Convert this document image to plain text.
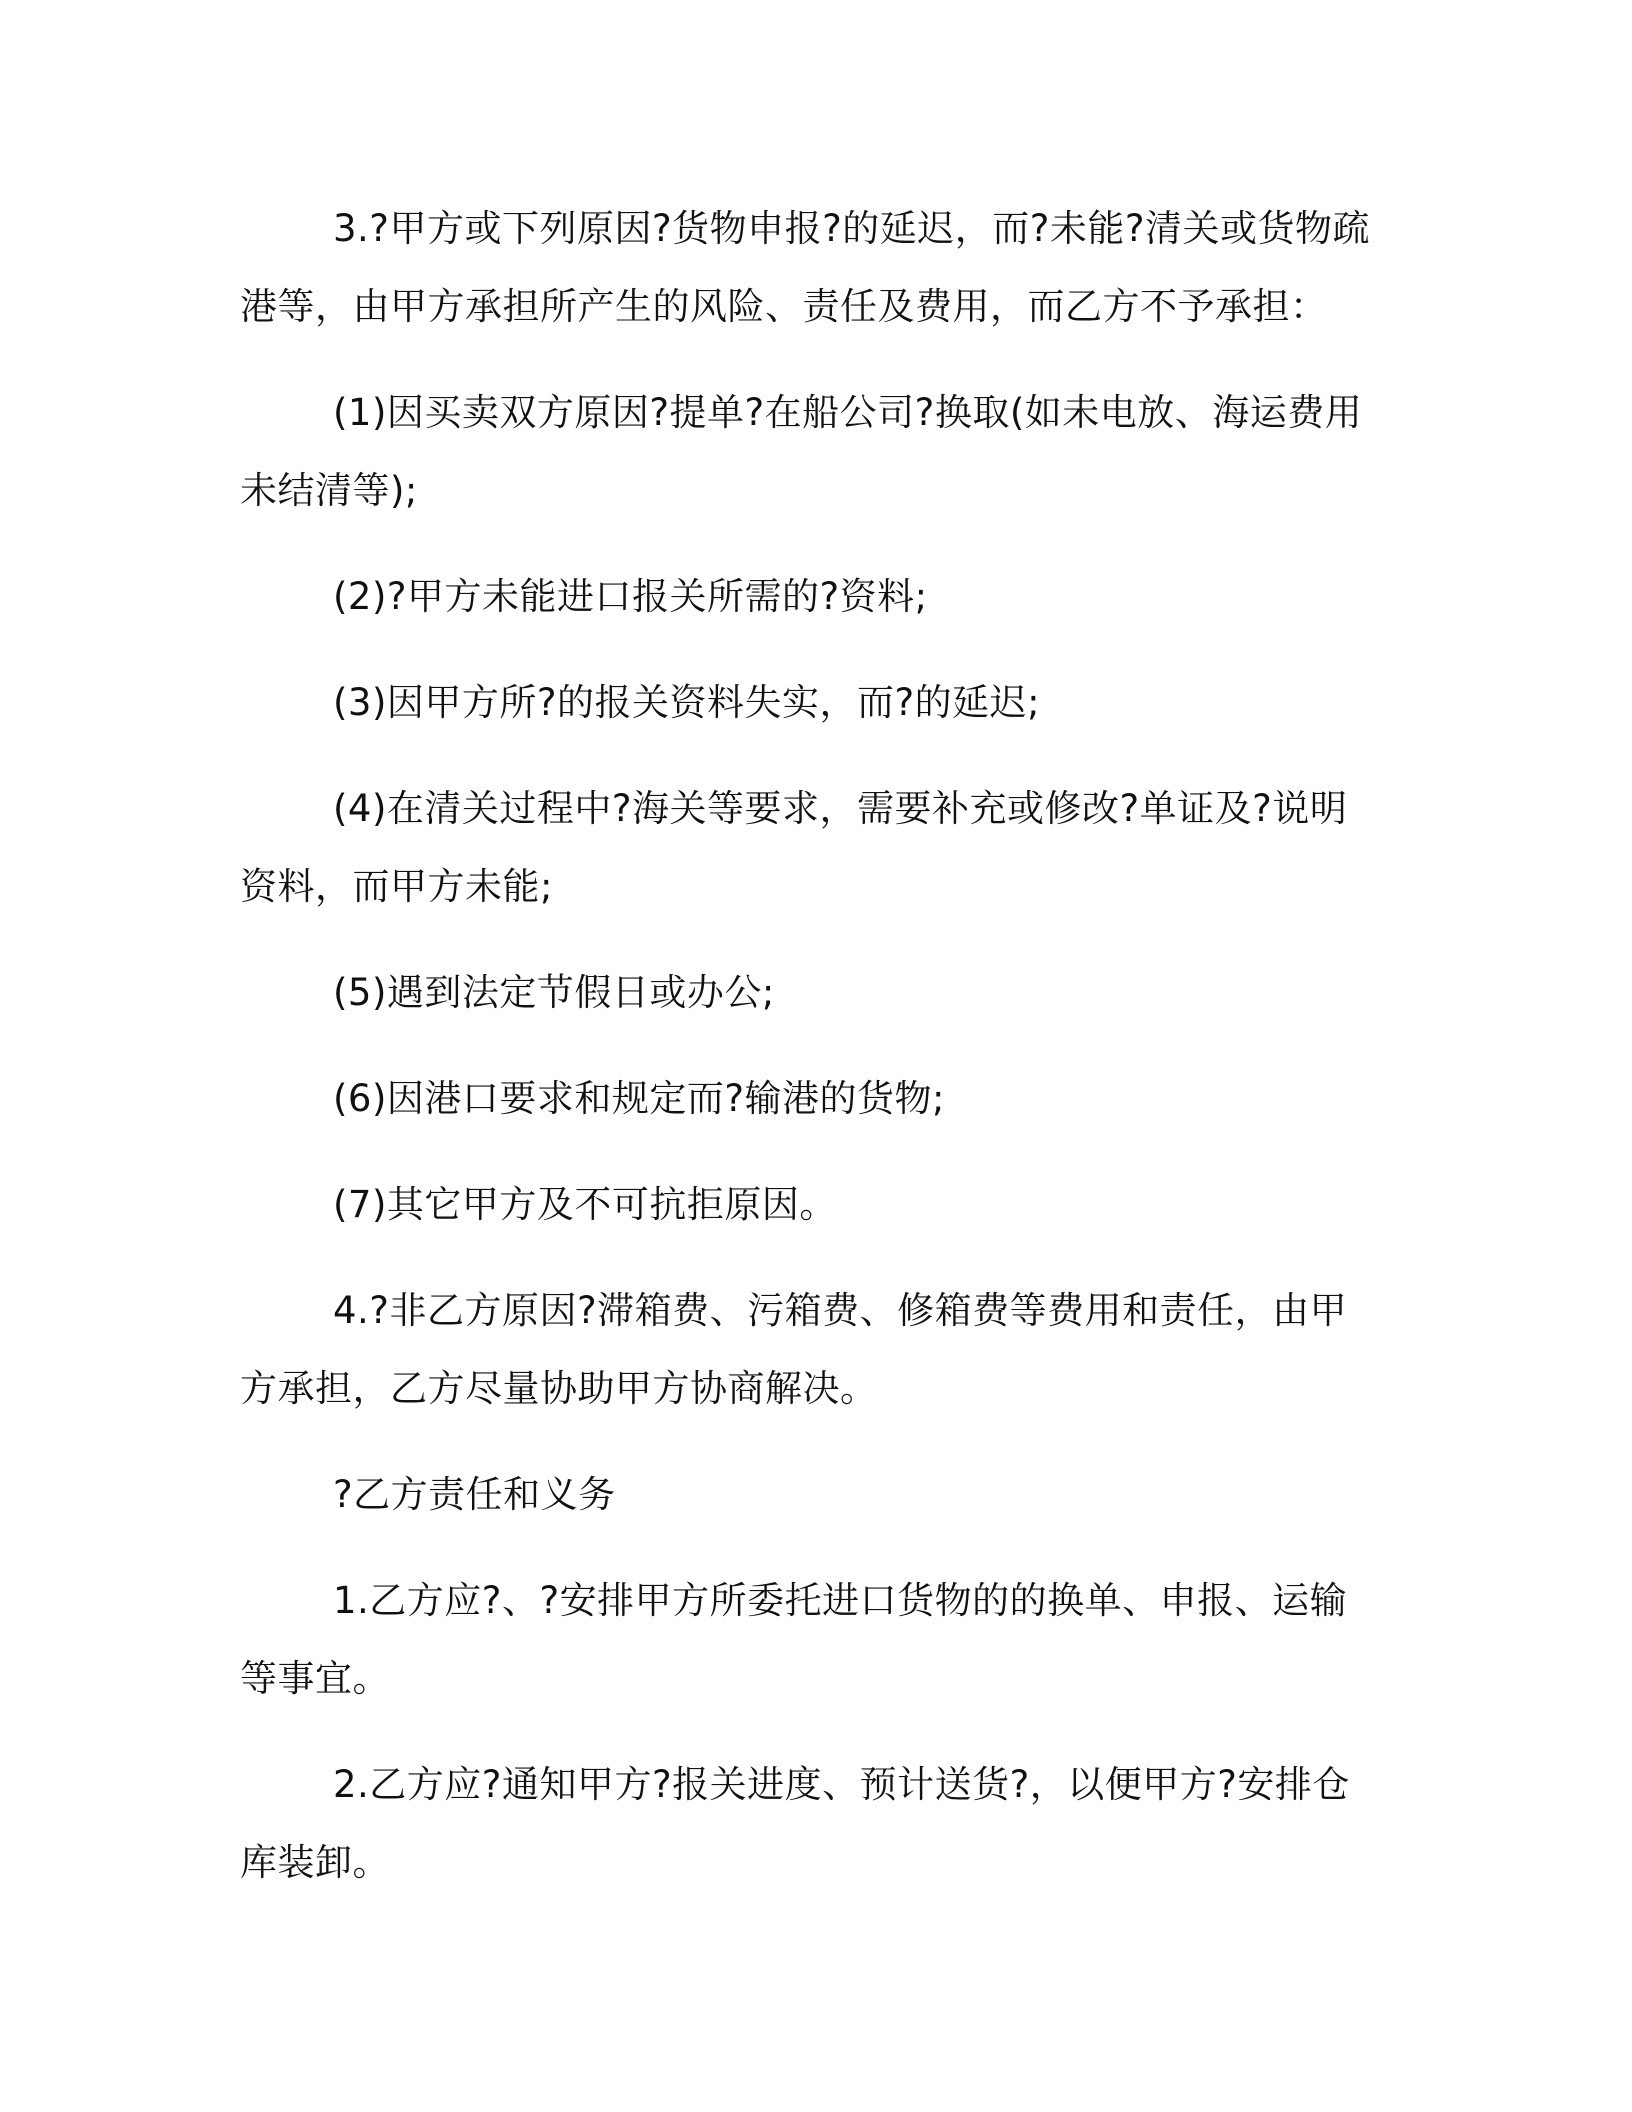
3.?甲方或下列原因?货物申报?的延迟，而?未能?清关或货物疏港等，由甲方承担所产生的风险、责任及费用，而乙方不予承担：

(1)因买卖双方原因?提单?在船公司?换取(如未电放、海运费用未结清等);

(2)?甲方未能进口报关所需的?资料;

(3)因甲方所?的报关资料失实，而?的延迟;

(4)在清关过程中?海关等要求，需要补充或修改?单证及?说明资料，而甲方未能;

(5)遇到法定节假日或办公;

(6)因港口要求和规定而?输港的货物;

(7)其它甲方及不可抗拒原因。

4.?非乙方原因?滞箱费、污箱费、修箱费等费用和责任，由甲方承担，乙方尽量协助甲方协商解决。

?乙方责任和义务

1.乙方应?、?安排甲方所委托进口货物的的换单、申报、运输等事宜。

2.乙方应?通知甲方?报关进度、预计送货?，以便甲方?安排仓库装卸。
